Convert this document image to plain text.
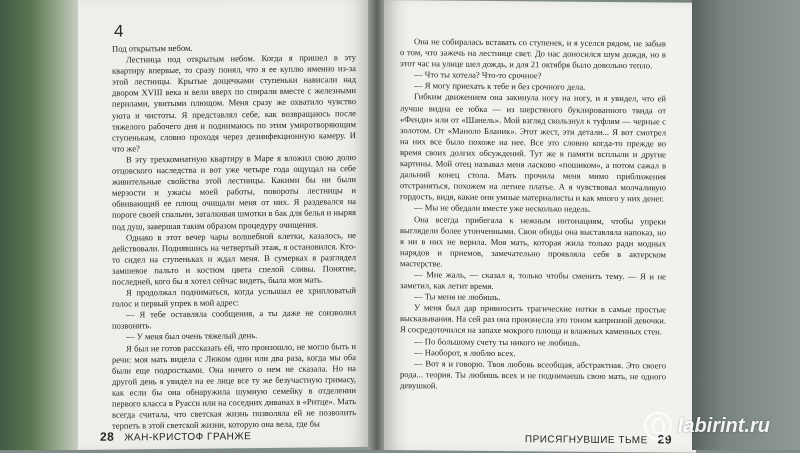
4

Под открытым небом.

Лестница под открытым небом. Когда я пришел в эту квартиру впервые, то сразу понял, что я ее куплю именно из-за этой лестницы. Крытые дощечками ступеньки нависали над двором XVIII века и вели вверх по спирали вместе с железными перилами, увитыми плющом. Меня сразу же охватило чувство уюта и чистоты. Я представлял себе, как возвращаюсь после тяжелого рабочего дня и поднимаюсь по этим умиротворяющим ступенькам, словно проходя через дезинфекционную камеру. И что же?

В эту трехкомнатную квартиру в Маре я вложил свою долю отцовского наследства и вот уже четыре года ощущал на себе живительные свойства этой лестницы. Какими бы ни были мерзости и ужасы моей работы, повороты лестницы и обвивающий ее плющ очищали меня от них. Я раздевался на пороге своей спальни, заталкивая шмотки в бак для белья и ныряя под душ, завершая таким образом процедуру очищения.

Однако в этот вечер чары волшебной клетки, казалось, не действовали. Поднявшись на четвертый этаж, я остановился. Кто-то сидел на ступеньках и ждал меня. В сумерках я разглядел замшевое пальто и костюм цвета спелой сливы. Понятие, последней, кого бы я хотел сейчас видеть, была моя мать.

Я продолжал подниматься, когда услышал ее хрипловатый голос и первый упрек в мой адрес:

— Я тебе оставляла сообщения, а ты даже не соизволил позвонить.

— У меня был очень тяжелый день.

Я был не готов рассказать ей, что произошло, не могло быть и речи: моя мать видела с Люком один или два раза, когда мы оба были еще подростками. Она ничего о нем не сказала. Но на другой день я увидел на ее лице все ту же безучастную гримасу, как если бы она обнаружила шумную семейку в отделении первого класса в Руасси или на соседних диванах в «Ритце». Мать всегда считала, что светская жизнь позволяла ей не позволить терпеть в этой светской жизни, которую она вела, где бы

28 ЖАН-КРИСТОФ ГРАНЖЕ

Она не собиралась вставать со ступенек, и я уселся рядом, не забыв о том, что зажечь на лестнице свет. До нас доносился шум дождя, но в этот час на улице шел дождь, и для 21 октября было довольно тепло.

— Что ты хотела? Что-то срочное?

— Я могу приехать к тебе и без срочного дела.

Гибким движением она закинула ногу на ногу, и я увидел, что ей лучше видна ее юбка — из шерстяного буклированного твида от «Фенди» или от «Шанель». Мой взгляд скользнул к туфлям — черные с золотом. От «Маноло Бланик». Этот жест, эти детали... Я вот смотрел на них все было похоже на нее. Все это словно когда-то прежде во время своих долгих обсуждений. Тут же в памяти всплыли и другие картины. Мой отец называл меня ласково «пошиком», а потом сажал в дальний конец стола. Мать прочила меня мимо приближения отстраняться, похожем на летнее платье. А я чувствовал молчаливую гордость, видя, какие они умные материалисты и как много у них денег.

— Мы не обедали вместе уже несколько недель.

Она всегда прибегала к нежным интонациям, чтобы упреки выглядели более утонченными. Свои обиды она выставляла напоказ, но я ни в них не верила. Моя мать, которая жила только ради модных нарядов и приемов, замечательно проявляла себя в актерском мастерстве.

— Мне жаль, — сказал я, только чтобы сменить тему. — Я и не заметил, как летит время.

— Ты меня не любишь.

У меня был дар привносить трагические нотки в самые простые высказывания. На сей раз она произнесла это тоном капризной девочки. Я сосредоточился на запахе мокрого плюща и влажных каменных стен.

— По большому счету ты никого не любишь.

— Наоборот, я люблю всех.

— Вот я и говорю. Твоя любовь всеобщая, абстрактная. Это своего рода... теория. Ты любишь всех и не поднимаешь свою мать, не одного девушкой.

ПРИСЯГНУВШИЕ ТЬМЕ 29
labirint.ru
